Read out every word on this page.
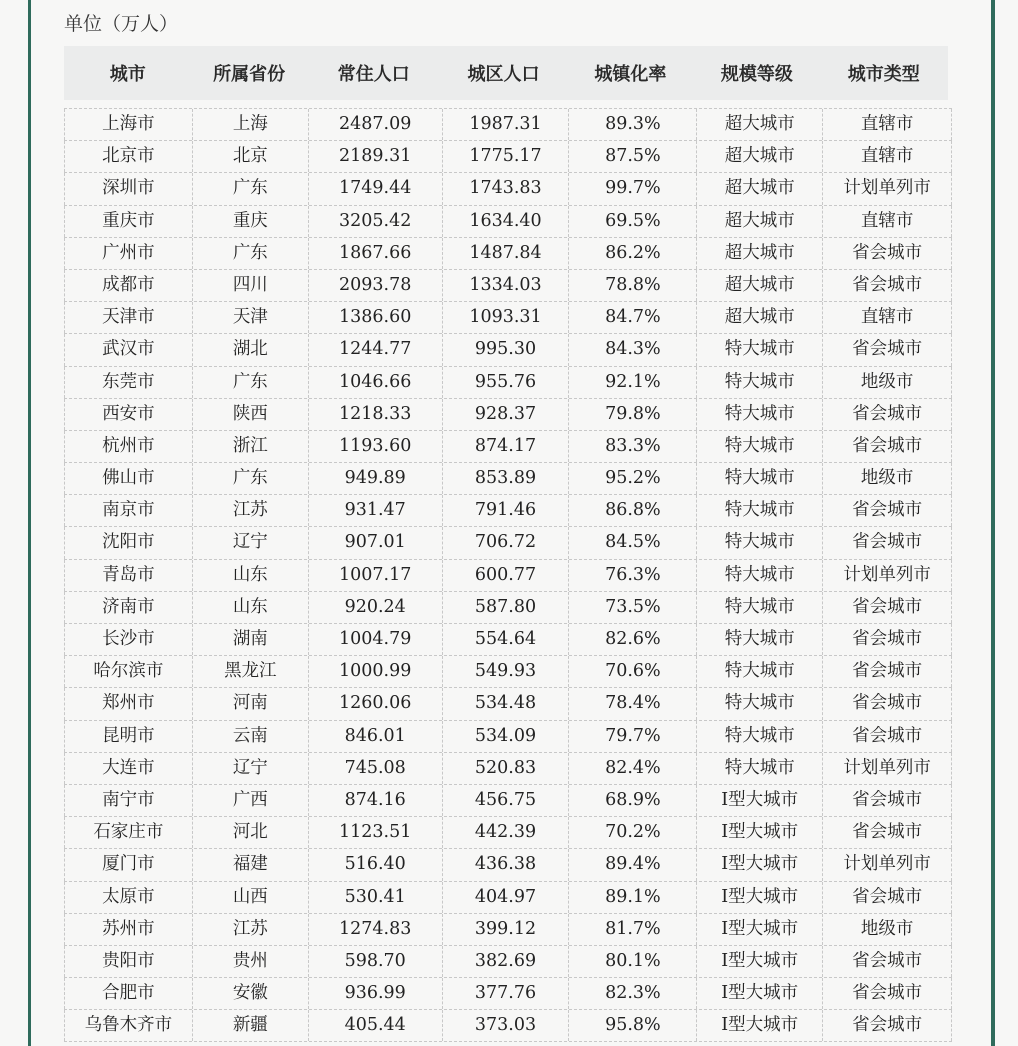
单位（万人）
城市	所属省份	常住人口	城区人口	城镇化率	规模等级	城市类型
上海市	上海	2487.09	1987.31	89.3%	超大城市	直辖市
北京市	北京	2189.31	1775.17	87.5%	超大城市	直辖市
深圳市	广东	1749.44	1743.83	99.7%	超大城市	计划单列市
重庆市	重庆	3205.42	1634.40	69.5%	超大城市	直辖市
广州市	广东	1867.66	1487.84	86.2%	超大城市	省会城市
成都市	四川	2093.78	1334.03	78.8%	超大城市	省会城市
天津市	天津	1386.60	1093.31	84.7%	超大城市	直辖市
武汉市	湖北	1244.77	995.30	84.3%	特大城市	省会城市
东莞市	广东	1046.66	955.76	92.1%	特大城市	地级市
西安市	陕西	1218.33	928.37	79.8%	特大城市	省会城市
杭州市	浙江	1193.60	874.17	83.3%	特大城市	省会城市
佛山市	广东	949.89	853.89	95.2%	特大城市	地级市
南京市	江苏	931.47	791.46	86.8%	特大城市	省会城市
沈阳市	辽宁	907.01	706.72	84.5%	特大城市	省会城市
青岛市	山东	1007.17	600.77	76.3%	特大城市	计划单列市
济南市	山东	920.24	587.80	73.5%	特大城市	省会城市
长沙市	湖南	1004.79	554.64	82.6%	特大城市	省会城市
哈尔滨市	黑龙江	1000.99	549.93	70.6%	特大城市	省会城市
郑州市	河南	1260.06	534.48	78.4%	特大城市	省会城市
昆明市	云南	846.01	534.09	79.7%	特大城市	省会城市
大连市	辽宁	745.08	520.83	82.4%	特大城市	计划单列市
南宁市	广西	874.16	456.75	68.9%	Ⅰ型大城市	省会城市
石家庄市	河北	1123.51	442.39	70.2%	Ⅰ型大城市	省会城市
厦门市	福建	516.40	436.38	89.4%	Ⅰ型大城市	计划单列市
太原市	山西	530.41	404.97	89.1%	Ⅰ型大城市	省会城市
苏州市	江苏	1274.83	399.12	81.7%	Ⅰ型大城市	地级市
贵阳市	贵州	598.70	382.69	80.1%	Ⅰ型大城市	省会城市
合肥市	安徽	936.99	377.76	82.3%	Ⅰ型大城市	省会城市
乌鲁木齐市	新疆	405.44	373.03	95.8%	Ⅰ型大城市	省会城市
